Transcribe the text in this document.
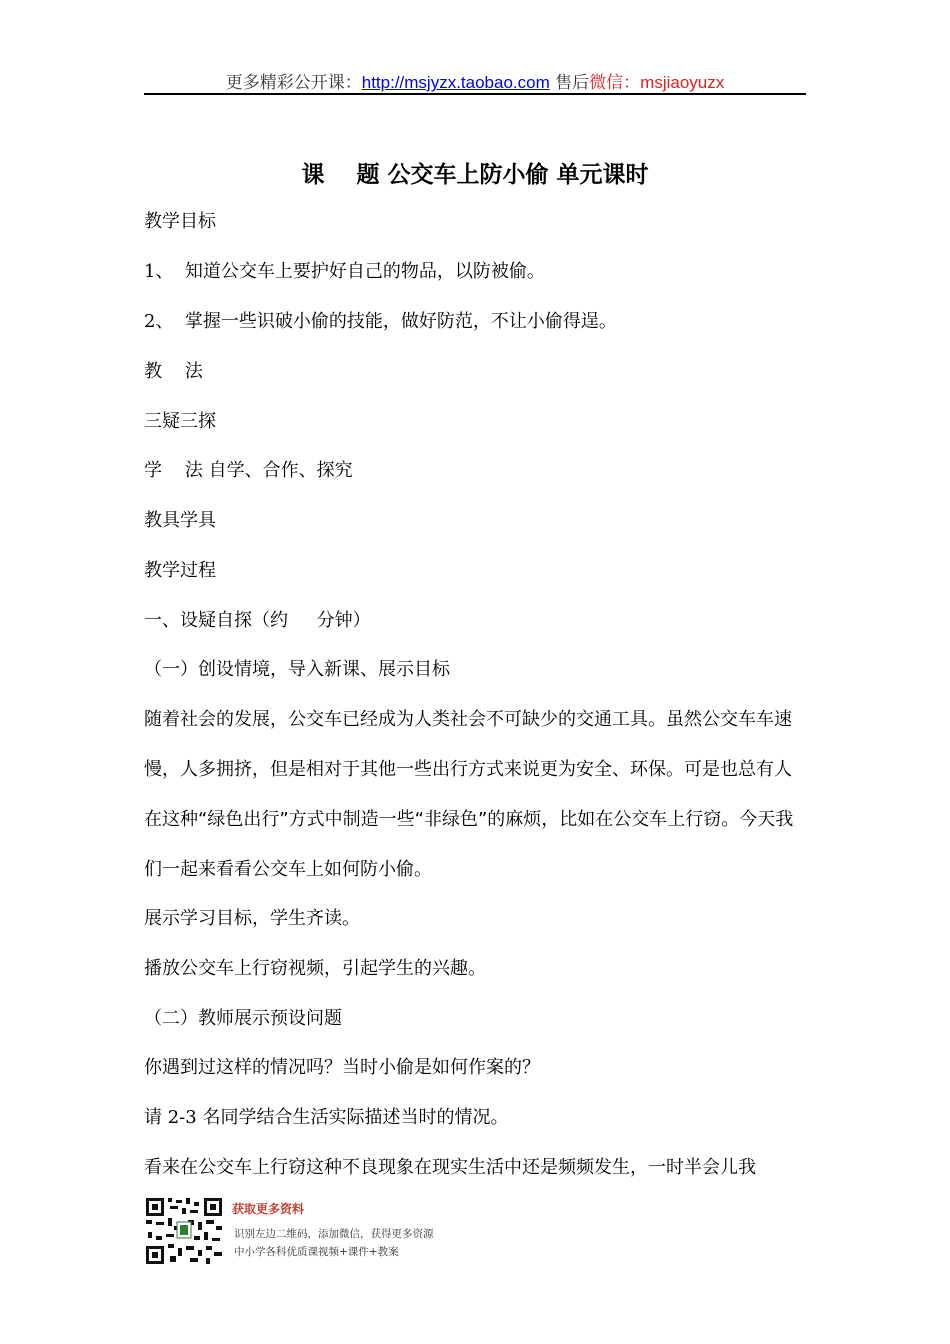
更多精彩公开课：http://msjyzx.taobao.com 售后微信：msjiaoyuzx
课    题 公交车上防小偷 单元课时
教学目标
1、  知道公交车上要护好自己的物品，以防被偷。
2、  掌握一些识破小偷的技能，做好防范，不让小偷得逞。
教    法
三疑三探
学    法 自学、合作、探究
教具学具
教学过程
一、设疑自探（约     分钟）
（一）创设情境，导入新课、展示目标
随着社会的发展，公交车已经成为人类社会不可缺少的交通工具。虽然公交车车速慢，人多拥挤，但是相对于其他一些出行方式来说更为安全、环保。可是也总有人在这种“绿色出行”方式中制造一些“非绿色”的麻烦，比如在公交车上行窃。今天我们一起来看看公交车上如何防小偷。
展示学习目标，学生齐读。
播放公交车上行窃视频，引起学生的兴趣。
（二）教师展示预设问题
你遇到过这样的情况吗？当时小偷是如何作案的？
请 2-3 名同学结合生活实际描述当时的情况。
看来在公交车上行窃这种不良现象在现实生活中还是频频发生，一时半会儿我
获取更多资料
识别左边二维码，添加微信，获得更多资源
中小学各科优质课视频+课件+教案
